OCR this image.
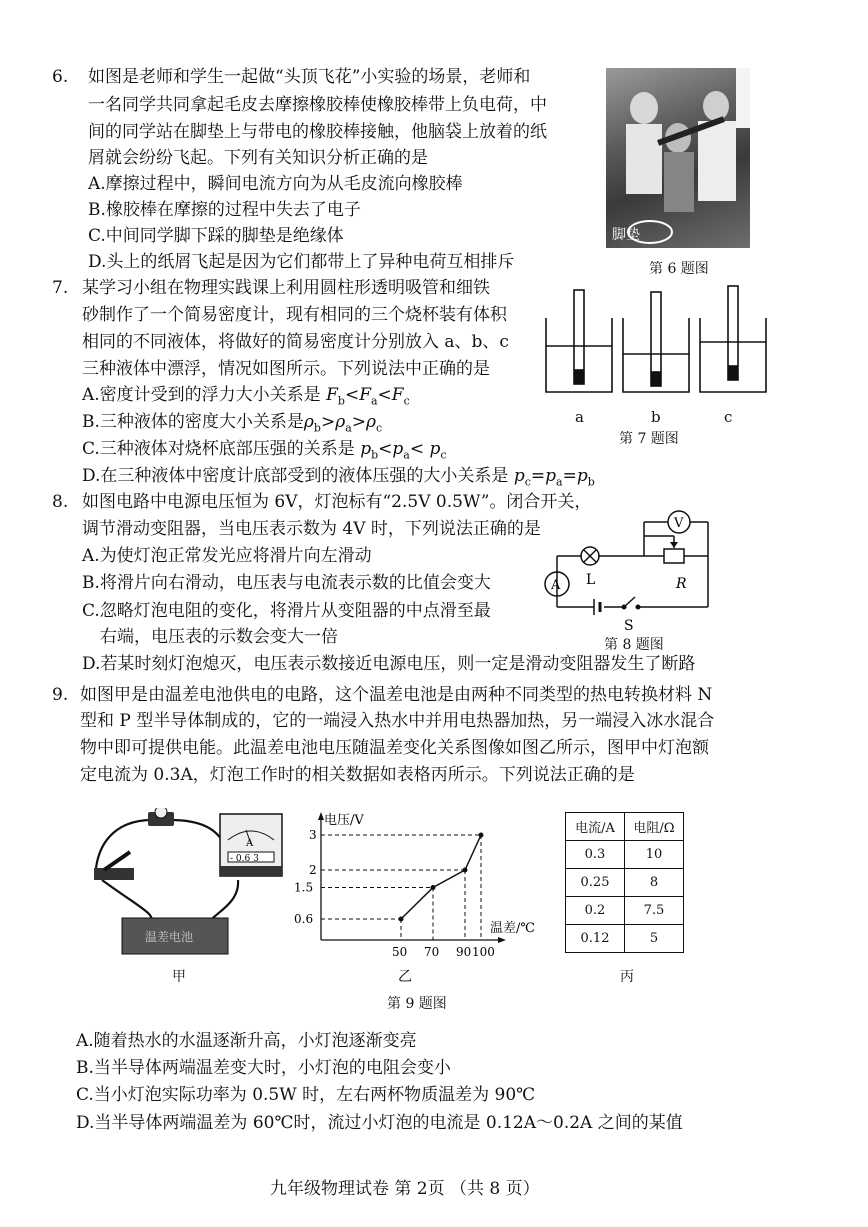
6. 如图是老师和学生一起做“头顶飞花”小实验的场景，老师和
一名同学共同拿起毛皮去摩擦橡胶棒使橡胶棒带上负电荷，中
间的同学站在脚垫上与带电的橡胶棒接触，他脑袋上放着的纸
屑就会纷纷飞起。下列有关知识分析正确的是
A.摩擦过程中，瞬间电流方向为从毛皮流向橡胶棒
B.橡胶棒在摩擦的过程中失去了电子
C.中间同学脚下踩的脚垫是绝缘体
D.头上的纸屑飞起是因为它们都带上了异种电荷互相排斥
脚垫
第 6 题图
7. 某学习小组在物理实践课上利用圆柱形透明吸管和细铁
砂制作了一个简易密度计，现有相同的三个烧杯装有体积
相同的不同液体，将做好的简易密度计分别放入 a、b、c
三种液体中漂浮，情况如图所示。下列说法中正确的是
A.密度计受到的浮力大小关系是 $F_b<F_a<F_c$
B.三种液体的密度大小关系是$\rho_b>\rho_a>\rho_c$
C.三种液体对烧杯底部压强的关系是 $p_b<p_a< p_c$
D.在三种液体中密度计底部受到的液体压强的大小关系是 $p_c=p_a=p_b$
a	b	c
第 7 题图
8. 如图电路中电源电压恒为 6V，灯泡标有“2.5V 0.5W”。闭合开关，
调节滑动变阻器，当电压表示数为 4V 时，下列说法正确的是
A.为使灯泡正常发光应将滑片向左滑动
B.将滑片向右滑动，电压表与电流表示数的比值会变大
C.忽略灯泡电阻的变化，将滑片从变阻器的中点滑至最
右端，电压表的示数会变大一倍
D.若某时刻灯泡熄灭，电压表示数接近电源电压，则一定是滑动变阻器发生了断路
A
V
L	R
S
第 8 题图
9. 如图甲是由温差电池供电的电路，这个温差电池是由两种不同类型的热电转换材料 N
型和 P 型半导体制成的，它的一端浸入热水中并用电热器加热，另一端浸入冰水混合
物中即可提供电能。此温差电池电压随温差变化关系图像如图乙所示，图甲中灯泡额
定电流为 0.3A，灯泡工作时的相关数据如表格丙所示。下列说法正确的是
A
- 0.6 3
温差电池
50 70 90 100
0.6
1.5
2
3
电压/V
温差/℃
电流/A	电阻/Ω
0.3	10
0.25	8
0.2	7.5
0.12	5
甲	乙	丙
第 9 题图
A.随着热水的水温逐渐升高，小灯泡逐渐变亮
B.当半导体两端温差变大时，小灯泡的电阻会变小
C.当小灯泡实际功率为 0.5W 时，左右两杯物质温差为 90℃
D.当半导体两端温差为 60℃时，流过小灯泡的电流是 0.12A～0.2A 之间的某值
九年级物理试卷 第 2页 （共 8 页）
